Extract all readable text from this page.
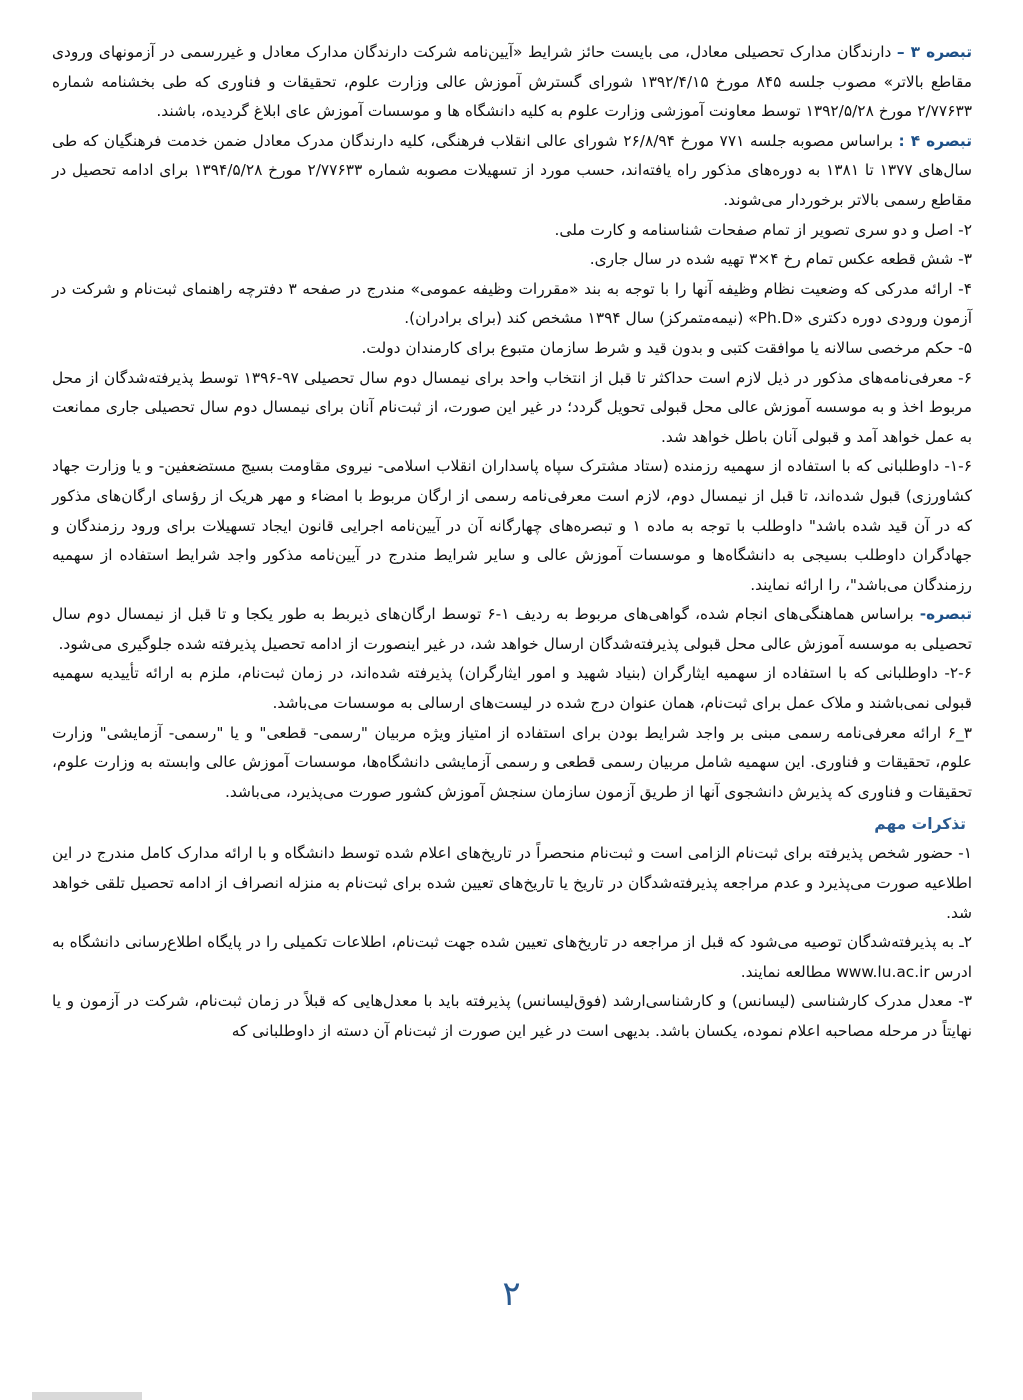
تبصره ۳ – دارندگان مدارک تحصیلی معادل، می بایست حائز شرایط «آیین‌نامه شرکت دارندگان مدارک معادل و غیررسمی در آزمونهای ورودی مقاطع بالاتر» مصوب جلسه ۸۴۵ مورخ ۱۳۹۲/۴/۱۵ شورای گسترش آموزش عالی وزارت علوم، تحقیقات و فناوری که طی بخشنامه شماره ۲/۷۷۶۳۳ مورخ ۱۳۹۲/۵/۲۸ توسط معاونت آموزشی وزارت علوم به کلیه دانشگاه ها و موسسات آموزش عای ابلاغ گردیده، باشند.

تبصره ۴ : براساس مصوبه جلسه ۷۷۱ مورخ ۲۶/۸/۹۴ شورای عالی انقلاب فرهنگی، کلیه دارندگان مدرک معادل ضمن خدمت فرهنگیان که طی سال‌های ۱۳۷۷ تا ۱۳۸۱ به دوره‌های مذکور راه یافته‌اند، حسب مورد از تسهیلات مصوبه شماره ۲/۷۷۶۳۳ مورخ ۱۳۹۴/۵/۲۸ برای ادامه تحصیل در مقاطع رسمی بالاتر برخوردار می‌شوند.

۲- اصل و دو سری تصویر از تمام صفحات شناسنامه و کارت ملی.

۳- شش قطعه عکس تمام رخ ۴×۳ تهیه شده در سال جاری.

۴- ارائه مدرکی که وضعیت نظام وظیفه آنها را با توجه به بند «مقررات وظیفه عمومی» مندرج در صفحه ۳ دفترچه راهنمای ثبت‌نام و شرکت در آزمون ورودی دوره دکتری «Ph.D» (نیمه‌متمرکز) سال ۱۳۹۴ مشخص کند (برای برادران).

۵- حکم مرخصی سالانه یا موافقت کتبی و بدون قید و شرط سازمان متبوع برای کارمندان دولت.

۶- معرفی‌نامه‌های مذکور در ذیل لازم است حداکثر تا قبل از انتخاب واحد برای نیمسال دوم سال تحصیلی ۹۷-۱۳۹۶ توسط پذیرفته‌شدگان از محل مربوط اخذ و به موسسه آموزش عالی محل قبولی تحویل گردد؛ در غیر این صورت، از ثبت‌نام آنان برای نیمسال دوم سال تحصیلی جاری ممانعت به عمل خواهد آمد و قبولی آنان باطل خواهد شد.

۱-۶- داوطلبانی که با استفاده از سهمیه رزمنده (ستاد مشترک سپاه پاسداران انقلاب اسلامی- نیروی مقاومت بسیج مستضعفین- و یا وزارت جهاد کشاورزی) قبول شده‌اند، تا قبل از نیمسال دوم، لازم است معرفی‌نامه رسمی از ارگان مربوط با امضاء و مهر هریک از رؤسای ارگان‌های مذکور که در آن قید شده باشد" داوطلب با توجه به ماده ۱ و تبصره‌های چهارگانه آن در آیین‌نامه اجرایی قانون ایجاد تسهیلات برای ورود رزمندگان و جهادگران داوطلب بسیجی به دانشگاه‌ها و موسسات آموزش عالی و سایر شرایط مندرج در آیین‌نامه مذکور واجد شرایط استفاده از سهمیه رزمندگان می‌باشد"، را ارائه نمایند.

تبصره- براساس هماهنگی‌های انجام شده، گواهی‌های مربوط به ردیف ۱-۶ توسط ارگان‌های ذیربط به طور یکجا و تا قبل از نیمسال دوم سال تحصیلی به موسسه آموزش عالی محل قبولی پذیرفته‌شدگان ارسال خواهد شد، در غیر اینصورت از ادامه تحصیل پذیرفته شده جلوگیری می‌شود.

۲-۶- داوطلبانی که با استفاده از سهمیه ایثارگران (بنیاد شهید و امور ایثارگران) پذیرفته شده‌اند، در زمان ثبت‌نام، ملزم به ارائه تأییدیه سهمیه قبولی نمی‌باشند و ملاک عمل برای ثبت‌نام، همان عنوان درج شده در لیست‌های ارسالی به موسسات می‌باشد.

۳_۶ ارائه معرفی‌نامه رسمی مبنی بر واجد شرایط بودن برای استفاده از امتیاز ویژه مربیان "رسمی- قطعی" و یا "رسمی- آزمایشی" وزارت علوم، تحقیقات و فناوری. این سهمیه شامل مربیان رسمی قطعی و رسمی آزمایشی دانشگاه‌ها، موسسات آموزش عالی وابسته به وزارت علوم، تحقیقات و فناوری که پذیرش دانشجوی آنها از طریق آزمون سازمان سنجش آموزش کشور صورت می‌پذیرد، می‌باشد.

تذکرات مهم

۱- حضور شخص پذیرفته برای ثبت‌نام الزامی است و ثبت‌نام منحصراً در تاریخ‌های اعلام شده توسط دانشگاه و با ارائه مدارک کامل مندرج در این اطلاعیه صورت می‌پذیرد و عدم مراجعه پذیرفته‌شدگان در تاریخ یا تاریخ‌های تعیین شده برای ثبت‌نام به منزله انصراف از ادامه تحصیل تلقی خواهد شد.

۲ـ به پذیرفته‌شدگان توصیه می‌شود که قبل از مراجعه در تاریخ‌های تعیین شده جهت ثبت‌نام، اطلاعات تکمیلی را در پایگاه اطلاع‌رسانی دانشگاه به ادرس www.lu.ac.ir مطالعه نمایند.

۳- معدل مدرک کارشناسی (لیسانس) و کارشناسی‌ارشد (فوق‌لیسانس) پذیرفته باید با معدل‌هایی که قبلاً در زمان ثبت‌نام، شرکت در آزمون و یا نهایتاً در مرحله مصاحبه اعلام نموده، یکسان باشد. بدیهی است در غیر این صورت از ثبت‌نام آن دسته از داوطلبانی که

۲
